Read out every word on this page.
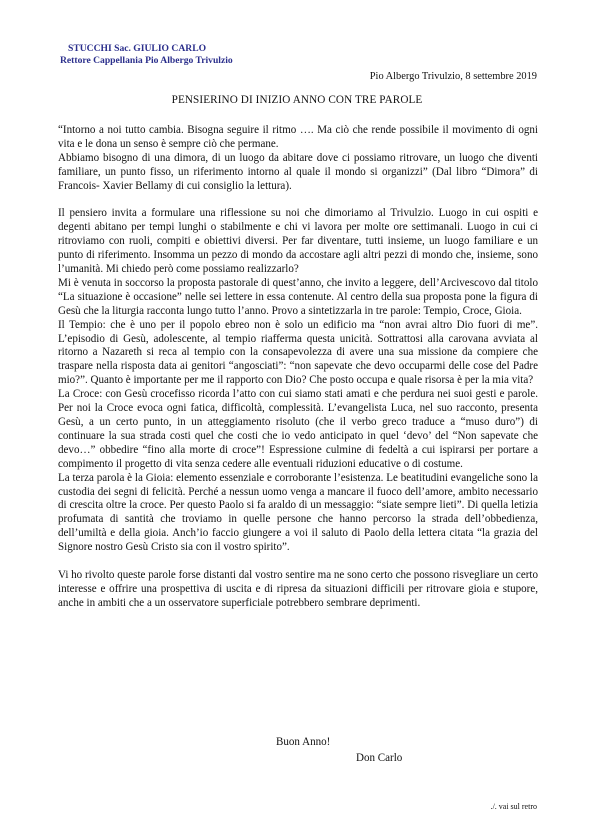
STUCCHI Sac. GIULIO CARLO
Rettore Cappellania Pio Albergo Trivulzio
Pio Albergo Trivulzio, 8 settembre 2019
PENSIERINO DI INIZIO ANNO CON TRE PAROLE

“Intorno a noi tutto cambia. Bisogna seguire il ritmo …. Ma ciò che rende possibile il movimento di ogni vita e le dona un senso è sempre ciò che permane.

Abbiamo bisogno di una dimora, di un luogo da abitare dove ci possiamo ritrovare, un luogo che diventi familiare, un punto fisso, un riferimento intorno al quale il mondo si organizzi” (Dal libro “Dimora” di Francois- Xavier Bellamy di cui consiglio la lettura).

Il pensiero invita a formulare una riflessione su noi che dimoriamo al Trivulzio. Luogo in cui ospiti e degenti abitano per tempi lunghi o stabilmente e chi vi lavora per molte ore settimanali. Luogo in cui ci ritroviamo con ruoli, compiti e obiettivi diversi. Per far diventare, tutti insieme, un luogo familiare e un punto di riferimento. Insomma un pezzo di mondo da accostare agli altri pezzi di mondo che, insieme, sono l’umanità. Mi chiedo però come possiamo realizzarlo?

Mi è venuta in soccorso la proposta pastorale di quest’anno, che invito a leggere, dell’Arcivescovo dal titolo “La situazione è occasione” nelle sei lettere in essa contenute. Al centro della sua proposta pone la figura di Gesù che la liturgia racconta lungo tutto l’anno. Provo a sintetizzarla in tre parole: Tempio, Croce, Gioia.

Il Tempio: che è uno per il popolo ebreo non è solo un edificio ma “non avrai altro Dio fuori di me”. L’episodio di Gesù, adolescente, al tempio riafferma questa unicità. Sottrattosi alla carovana avviata al ritorno a Nazareth si reca al tempio con la consapevolezza di avere una sua missione da compiere che traspare nella risposta data ai genitori “angosciati”: “non sapevate che devo occuparmi delle cose del Padre mio?”. Quanto è importante per me il rapporto con Dio? Che posto occupa e quale risorsa è per la mia vita?

La Croce: con Gesù crocefisso ricorda l’atto con cui siamo stati amati e che perdura nei suoi gesti e parole. Per noi la Croce evoca ogni fatica, difficoltà, complessità. L’evangelista Luca, nel suo racconto, presenta Gesù, a un certo punto, in un atteggiamento risoluto (che il verbo greco traduce a “muso duro”) di continuare la sua strada costi quel che costi che io vedo anticipato in quel ‘devo’ del “Non sapevate che devo…” obbedire “fino alla morte di croce”! Espressione culmine di fedeltà a cui ispirarsi per portare a compimento il progetto di vita senza cedere alle eventuali riduzioni educative o di costume.

La terza parola è la Gioia: elemento essenziale e corroborante l’esistenza. Le beatitudini evangeliche sono la custodia dei segni di felicità. Perché a nessun uomo venga a mancare il fuoco dell’amore, ambito necessario di crescita oltre la croce. Per questo Paolo si fa araldo di un messaggio: “siate sempre lieti”. Di quella letizia profumata di santità che troviamo in quelle persone che hanno percorso la strada dell’obbedienza, dell’umiltà e della gioia. Anch’io faccio giungere a voi il saluto di Paolo della lettera citata “la grazia del Signore nostro Gesù Cristo sia con il vostro spirito”.

Vi ho rivolto queste parole forse distanti dal vostro sentire ma ne sono certo che possono risvegliare un certo interesse e offrire una prospettiva di uscita e di ripresa da situazioni difficili per ritrovare gioia e stupore, anche in ambiti che a un osservatore superficiale potrebbero sembrare deprimenti.

Buon Anno!
Don Carlo
./. vai sul retro
